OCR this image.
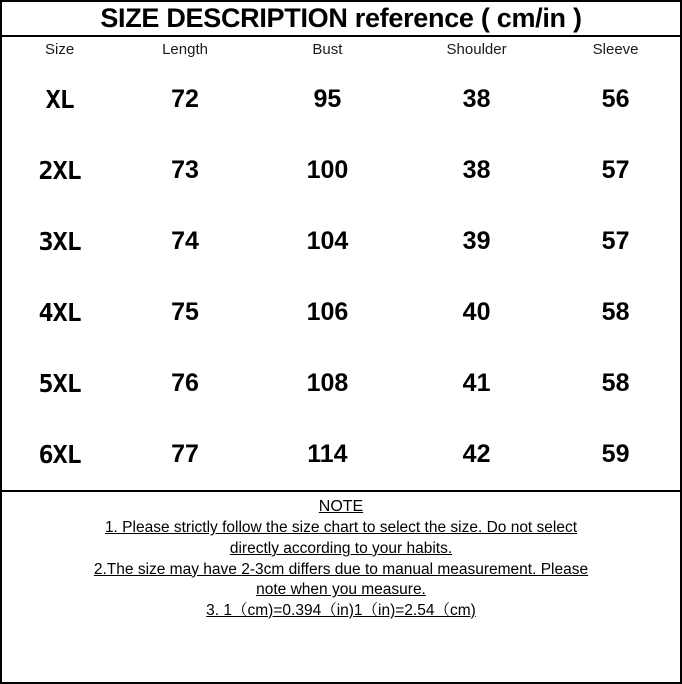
SIZE DESCRIPTION reference ( cm/in )
Size	Length	Bust	Shoulder	Sleeve
XL	72	95	38	56
2XL	73	100	38	57
3XL	74	104	39	57
4XL	75	106	40	58
5XL	76	108	41	58
6XL	77	114	42	59
NOTE
1. Please strictly follow the size chart to select the size. Do not select
directly according to your habits.
2.The size may have 2-3cm differs due to manual measurement. Please
note when you measure.
3. 1（cm)=0.394（in)1（in)=2.54（cm)
